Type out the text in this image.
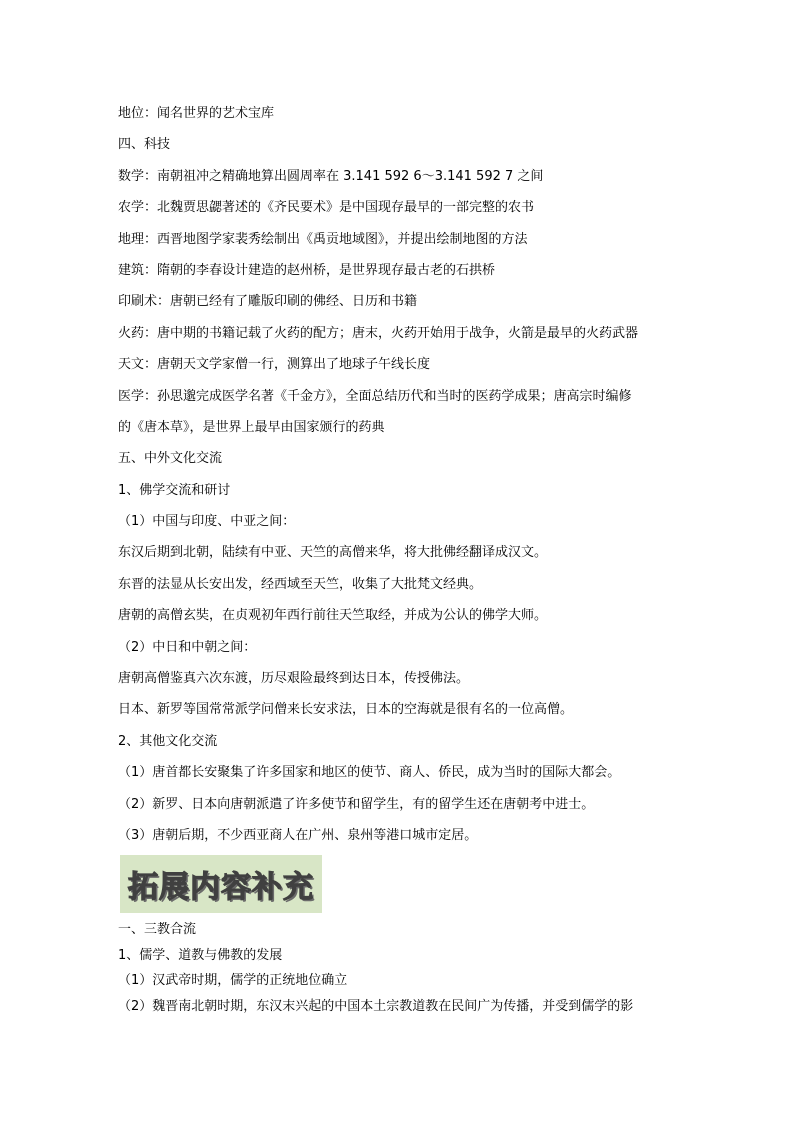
地位：闻名世界的艺术宝库
四、科技
数学：南朝祖冲之精确地算出圆周率在 3.141 592 6～3.141 592 7 之间
农学：北魏贾思勰著述的《齐民要术》是中国现存最早的一部完整的农书
地理：西晋地图学家裴秀绘制出《禹贡地域图》，并提出绘制地图的方法
建筑：隋朝的李春设计建造的赵州桥，是世界现存最古老的石拱桥
印刷术：唐朝已经有了雕版印刷的佛经、日历和书籍
火药：唐中期的书籍记载了火药的配方；唐末，火药开始用于战争，火箭是最早的火药武器
天文：唐朝天文学家僧一行，测算出了地球子午线长度
医学：孙思邈完成医学名著《千金方》，全面总结历代和当时的医药学成果；唐高宗时编修
的《唐本草》，是世界上最早由国家颁行的药典
五、中外文化交流
1、佛学交流和研讨
（1）中国与印度、中亚之间：
东汉后期到北朝，陆续有中亚、天竺的高僧来华，将大批佛经翻译成汉文。
东晋的法显从长安出发，经西域至天竺，收集了大批梵文经典。
唐朝的高僧玄奘，在贞观初年西行前往天竺取经，并成为公认的佛学大师。
（2）中日和中朝之间：
唐朝高僧鉴真六次东渡，历尽艰险最终到达日本，传授佛法。
日本、新罗等国常常派学问僧来长安求法，日本的空海就是很有名的一位高僧。
2、其他文化交流
（1）唐首都长安聚集了许多国家和地区的使节、商人、侨民，成为当时的国际大都会。
（2）新罗、日本向唐朝派遣了许多使节和留学生，有的留学生还在唐朝考中进士。
（3）唐朝后期，不少西亚商人在广州、泉州等港口城市定居。
拓展内容补充
一、三教合流
1、儒学、道教与佛教的发展
（1）汉武帝时期，儒学的正统地位确立
（2）魏晋南北朝时期，东汉末兴起的中国本土宗教道教在民间广为传播，并受到儒学的影
